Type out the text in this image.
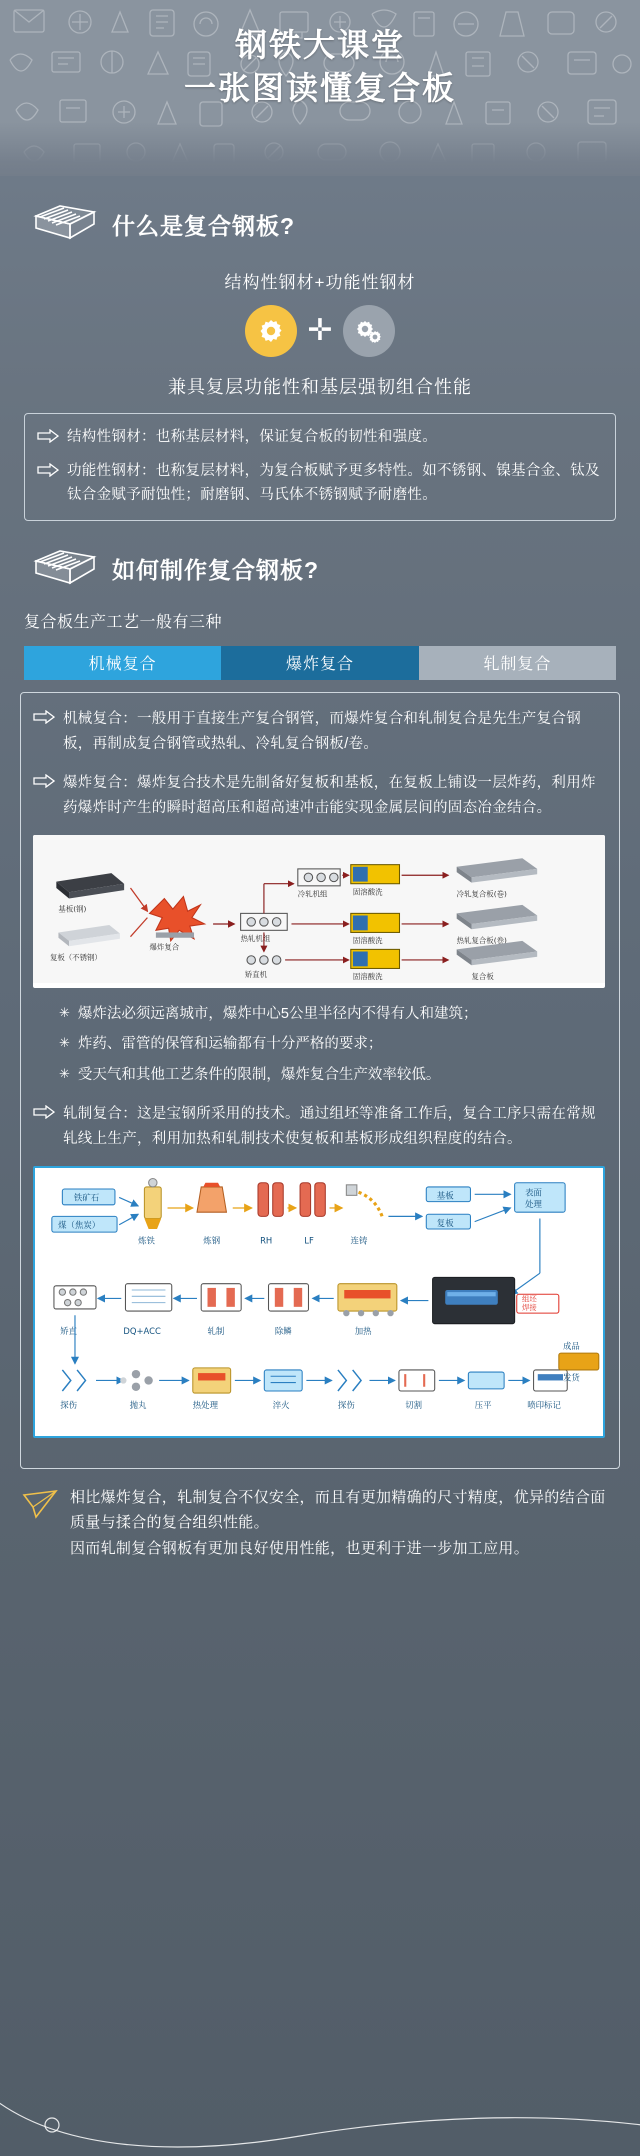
钢铁大课堂
一张图读懂复合板
什么是复合钢板?
结构性钢材+功能性钢材
✛
兼具复层功能性和基层强韧组合性能
结构性钢材：也称基层材料，保证复合板的韧性和强度。
功能性钢材：也称复层材料，为复合板赋予更多特性。如不锈钢、镍基合金、钛及钛合金赋予耐蚀性；耐磨钢、马氏体不锈钢赋予耐磨性。
如何制作复合钢板?
复合板生产工艺一般有三种
机械复合	爆炸复合	轧制复合
机械复合：一般用于直接生产复合钢管，而爆炸复合和轧制复合是先生产复合钢板，再制成复合钢管或热轧、冷轧复合钢板/卷。
爆炸复合：爆炸复合技术是先制备好复板和基板，在复板上铺设一层炸药，利用炸药爆炸时产生的瞬时超高压和超高速冲击能实现金属层间的固态冶金结合。
基板(钢)
复板（不锈钢）
爆炸复合
热轧机组
冷轧机组
矫直机
固溶酸洗
固溶酸洗
固溶酸洗
冷轧复合板(卷)
热轧复合板(卷)
复合板
✳ 爆炸法必须远离城市，爆炸中心5公里半径内不得有人和建筑；
✳ 炸药、雷管的保管和运输都有十分严格的要求；
✳ 受天气和其他工艺条件的限制，爆炸复合生产效率较低。
轧制复合：这是宝钢所采用的技术。通过组坯等准备工作后，复合工序只需在常规轧线上生产，利用加热和轧制技术使复板和基板形成组织程度的结合。
铁矿石
煤（焦炭）
炼铁	炼钢	RH	LF	连铸
基板
复板
表面
处理
组坯
焊接
加热
除鳞
轧制
DQ+ACC
矫直
探伤	抛丸	热处理	淬火	探伤	切割	压平	喷印标记
成品
发货
相比爆炸复合，轧制复合不仅安全，而且有更加精确的尺寸精度，优异的结合面质量与揉合的复合组织性能。
因而轧制复合钢板有更加良好使用性能，也更利于进一步加工应用。
